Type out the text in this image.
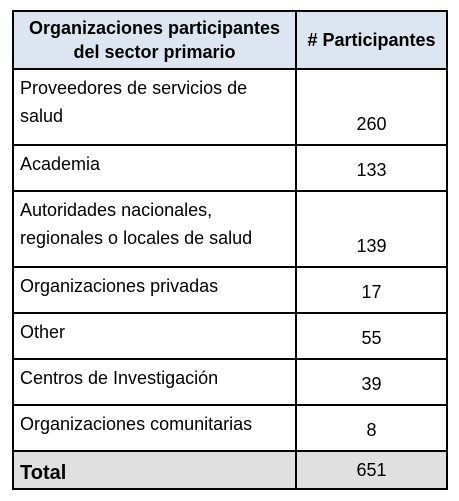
Organizaciones participantes del sector primario	# Participantes
Proveedores de servicios de salud	260
Academia	133
Autoridades nacionales, regionales o locales de salud	139
Organizaciones privadas	17
Other	55
Centros de Investigación	39
Organizaciones comunitarias	8
Total	651
